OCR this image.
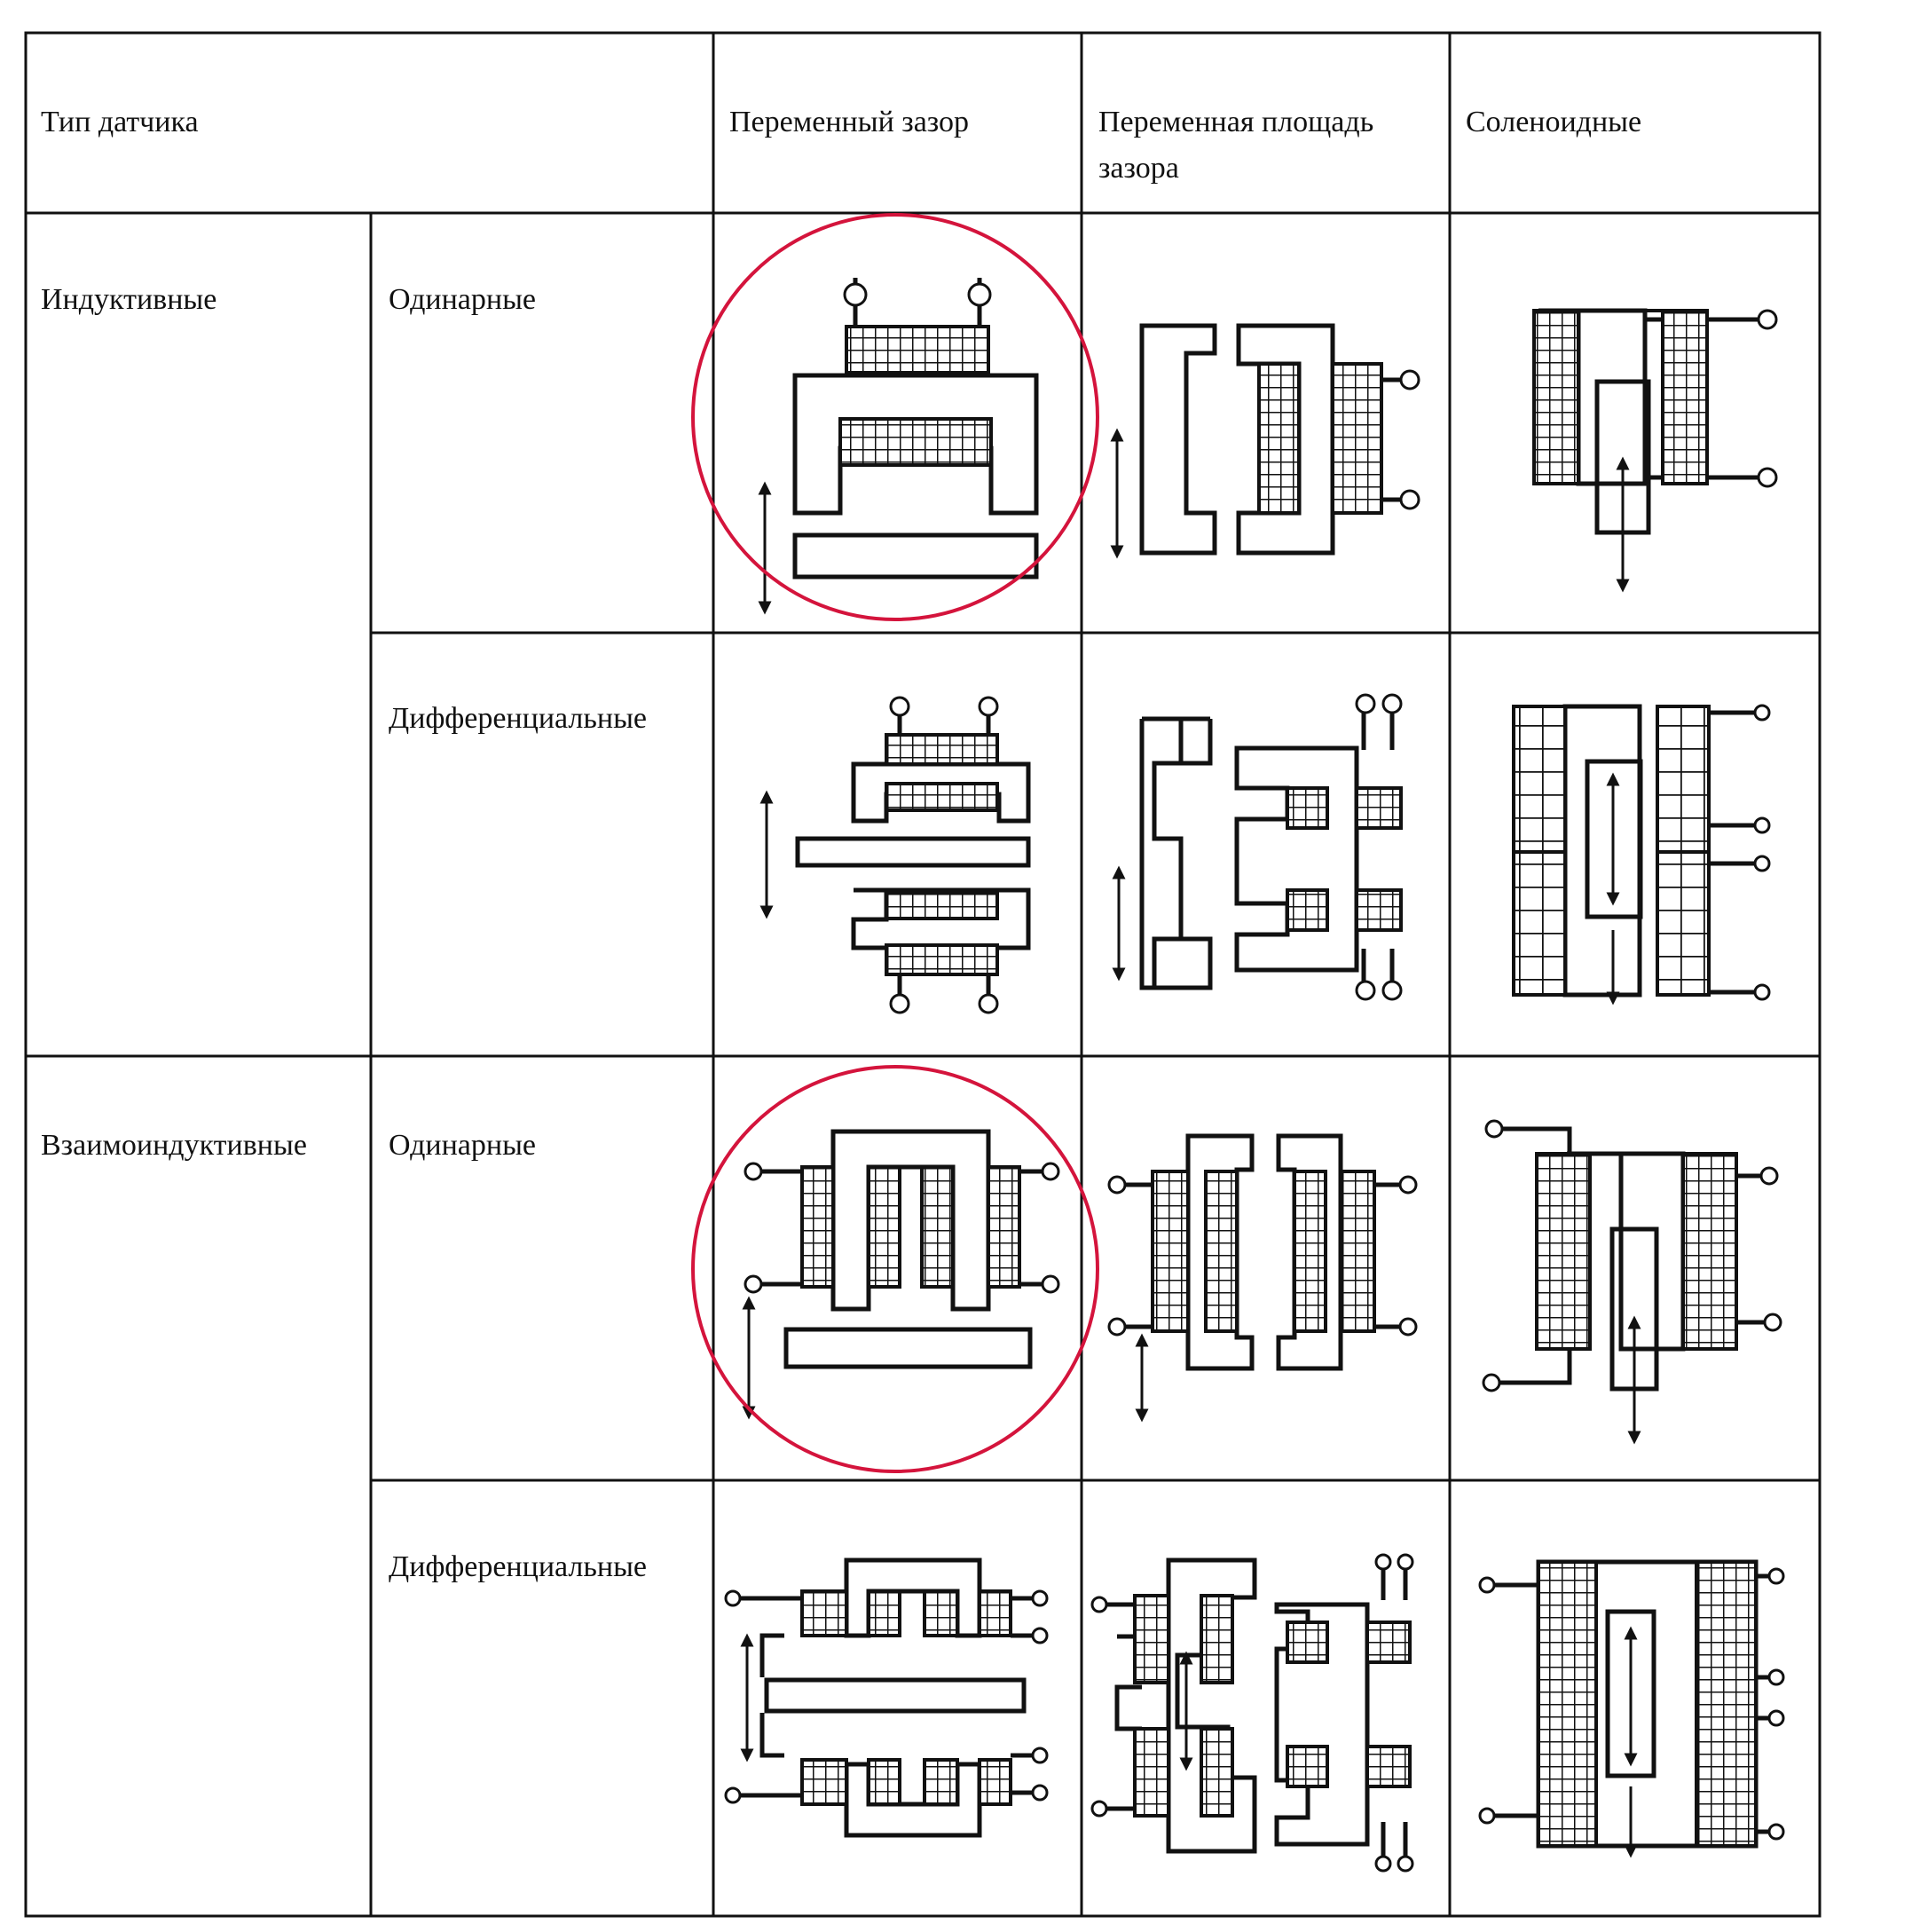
Тип датчика	Переменный зазор	Переменная площадь зазора
Соленоидные
Индуктивные
Взаимоиндуктивные
Одинарные
Дифференциальные
Одинарные
Дифференциальные
